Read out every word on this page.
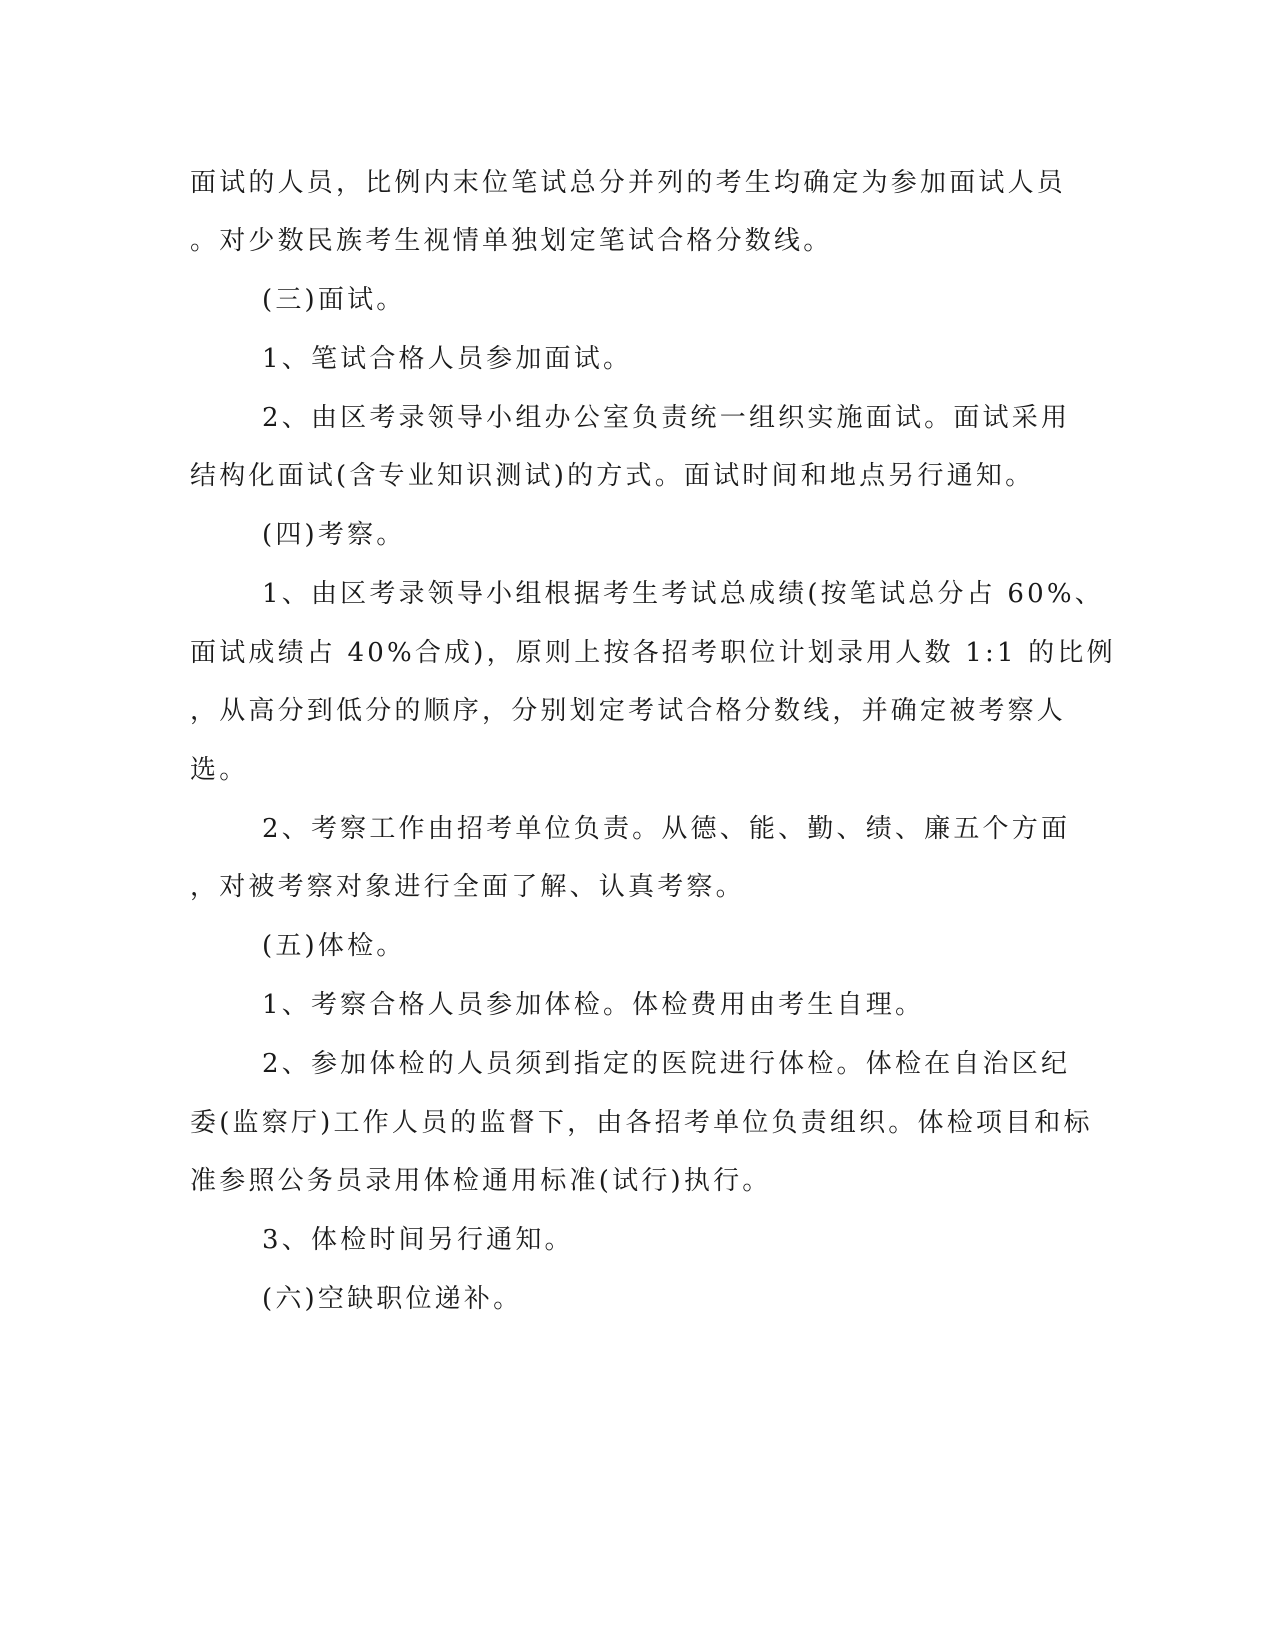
面试的人员，比例内末位笔试总分并列的考生均确定为参加面试人员
。对少数民族考生视情单独划定笔试合格分数线。
(三)面试。
1、笔试合格人员参加面试。
2、由区考录领导小组办公室负责统一组织实施面试。面试采用
结构化面试(含专业知识测试)的方式。面试时间和地点另行通知。
(四)考察。
1、由区考录领导小组根据考生考试总成绩(按笔试总分占 60%、
面试成绩占 40%合成)，原则上按各招考职位计划录用人数 1:1 的比例
，从高分到低分的顺序，分别划定考试合格分数线，并确定被考察人
选。
2、考察工作由招考单位负责。从德、能、勤、绩、廉五个方面
，对被考察对象进行全面了解、认真考察。
(五)体检。
1、考察合格人员参加体检。体检费用由考生自理。
2、参加体检的人员须到指定的医院进行体检。体检在自治区纪
委(监察厅)工作人员的监督下，由各招考单位负责组织。体检项目和标
准参照公务员录用体检通用标准(试行)执行。
3、体检时间另行通知。
(六)空缺职位递补。
